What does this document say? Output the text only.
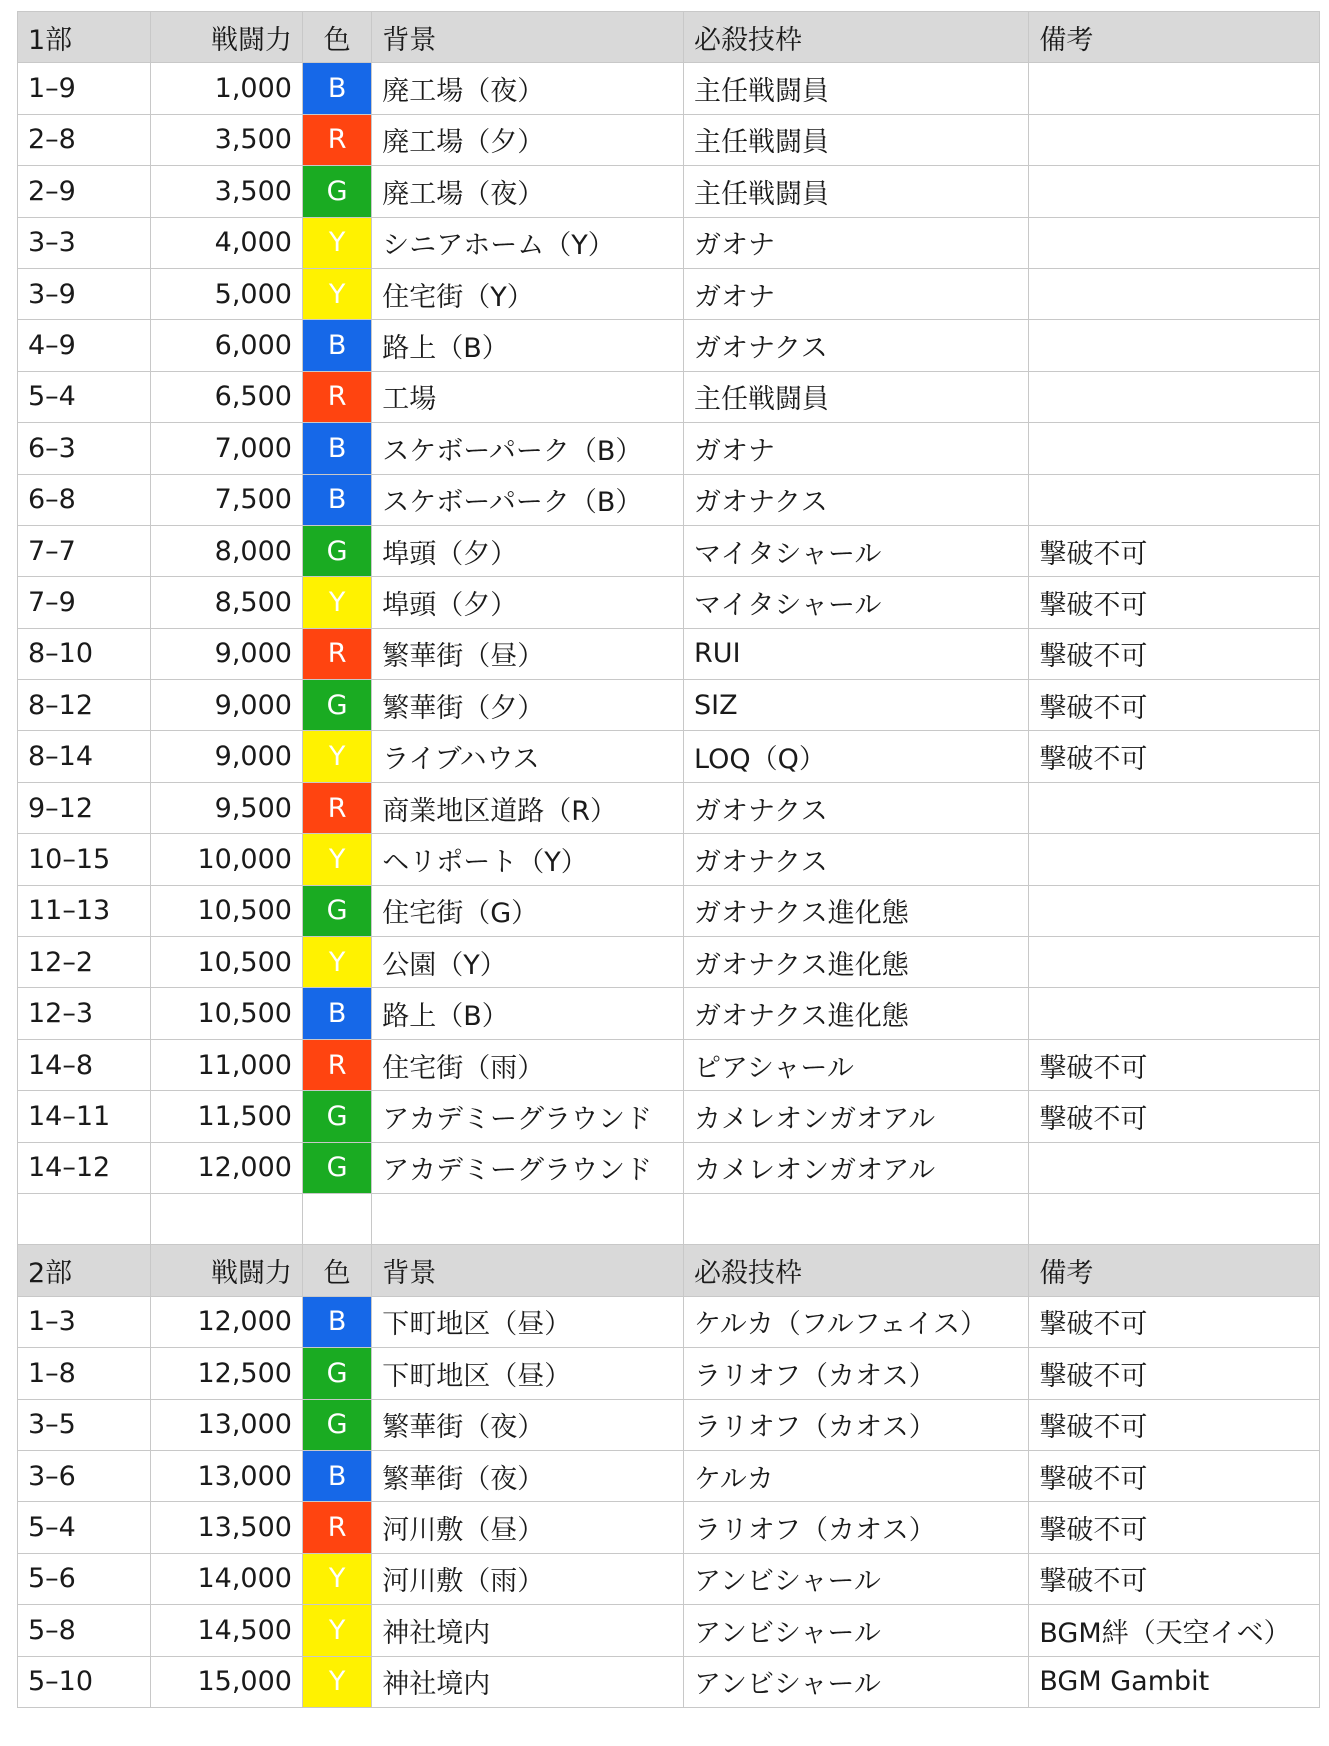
1部	戦闘力	色	背景	必殺技枠	備考
1–9	1,000	B	廃工場（夜）	主任戦闘員	
2–8	3,500	R	廃工場（夕）	主任戦闘員	
2–9	3,500	G	廃工場（夜）	主任戦闘員	
3–3	4,000	Y	シニアホーム（Y）	ガオナ	
3–9	5,000	Y	住宅街（Y）	ガオナ	
4–9	6,000	B	路上（B）	ガオナクス	
5–4	6,500	R	工場	主任戦闘員	
6–3	7,000	B	スケボーパーク（B）	ガオナ	
6–8	7,500	B	スケボーパーク（B）	ガオナクス	
7–7	8,000	G	埠頭（夕）	マイタシャール	撃破不可
7–9	8,500	Y	埠頭（夕）	マイタシャール	撃破不可
8–10	9,000	R	繁華街（昼）	RUI	撃破不可
8–12	9,000	G	繁華街（夕）	SIZ	撃破不可
8–14	9,000	Y	ライブハウス	LOQ（Q）	撃破不可
9–12	9,500	R	商業地区道路（R）	ガオナクス	
10–15	10,000	Y	ヘリポート（Y）	ガオナクス	
11–13	10,500	G	住宅街（G）	ガオナクス進化態	
12–2	10,500	Y	公園（Y）	ガオナクス進化態	
12–3	10,500	B	路上（B）	ガオナクス進化態	
14–8	11,000	R	住宅街（雨）	ピアシャール	撃破不可
14–11	11,500	G	アカデミーグラウンド	カメレオンガオアル	撃破不可
14–12	12,000	G	アカデミーグラウンド	カメレオンガオアル	

2部	戦闘力	色	背景	必殺技枠	備考
1–3	12,000	B	下町地区（昼）	ケルカ（フルフェイス）	撃破不可
1–8	12,500	G	下町地区（昼）	ラリオフ（カオス）	撃破不可
3–5	13,000	G	繁華街（夜）	ラリオフ（カオス）	撃破不可
3–6	13,000	B	繁華街（夜）	ケルカ	撃破不可
5–4	13,500	R	河川敷（昼）	ラリオフ（カオス）	撃破不可
5–6	14,000	Y	河川敷（雨）	アンビシャール	撃破不可
5–8	14,500	Y	神社境内	アンビシャール	BGM絆（天空イベ）
5–10	15,000	Y	神社境内	アンビシャール	BGM Gambit
